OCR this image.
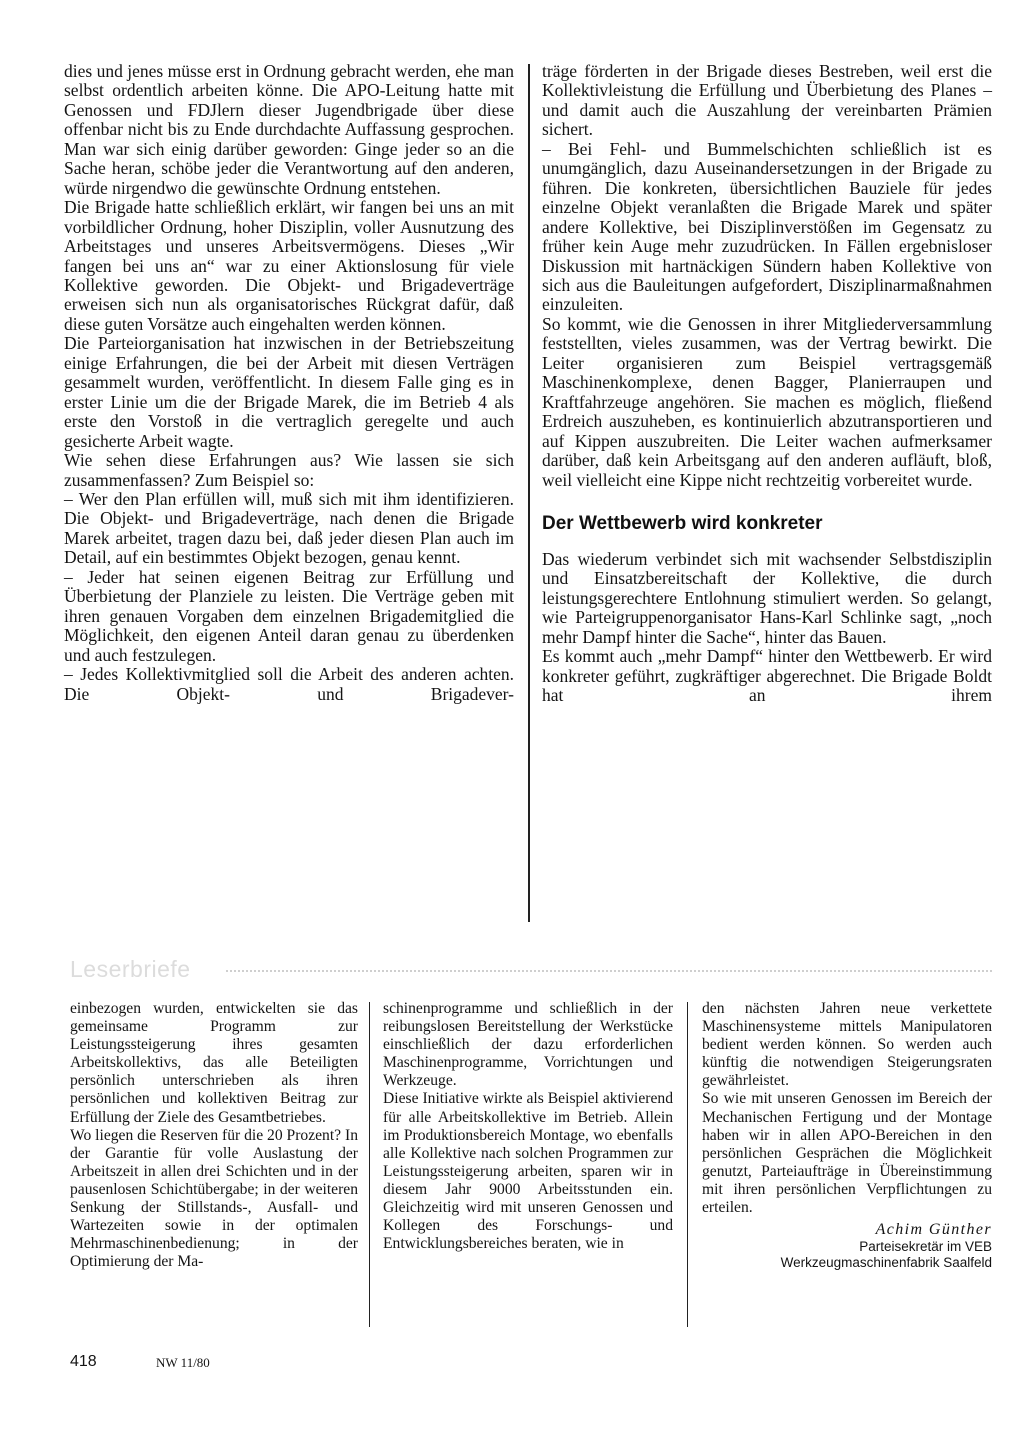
dies und jenes müsse erst in Ordnung gebracht werden, ehe man selbst ordentlich arbeiten könne. Die APO-Leitung hatte mit Genossen und FDJlern dieser Jugendbrigade über diese offenbar nicht bis zu Ende durchdachte Auffassung gesprochen. Man war sich einig darüber geworden: Ginge jeder so an die Sache heran, schöbe jeder die Verantwortung auf den anderen, würde nirgendwo die gewünschte Ordnung entstehen.

Die Brigade hatte schließlich erklärt, wir fangen bei uns an mit vorbildlicher Ordnung, hoher Disziplin, voller Ausnutzung des Arbeitstages und unseres Arbeitsvermögens. Dieses „Wir fangen bei uns an“ war zu einer Aktionslosung für viele Kollektive geworden. Die Objekt- und Brigadeverträge erweisen sich nun als organisatorisches Rückgrat dafür, daß diese guten Vorsätze auch eingehalten werden können.

Die Parteiorganisation hat inzwischen in der Betriebszeitung einige Erfahrungen, die bei der Arbeit mit diesen Verträgen gesammelt wurden, veröffentlicht. In diesem Falle ging es in erster Linie um die der Brigade Marek, die im Betrieb 4 als erste den Vorstoß in die vertraglich geregelte und auch gesicherte Arbeit wagte.

Wie sehen diese Erfahrungen aus? Wie lassen sie sich zusammenfassen? Zum Beispiel so:

– Wer den Plan erfüllen will, muß sich mit ihm identifizieren. Die Objekt- und Brigadeverträge, nach denen die Brigade Marek arbeitet, tragen dazu bei, daß jeder diesen Plan auch im Detail, auf ein bestimmtes Objekt bezogen, genau kennt.

– Jeder hat seinen eigenen Beitrag zur Erfüllung und Überbietung der Planziele zu leisten. Die Verträge geben mit ihren genauen Vorgaben dem einzelnen Brigademitglied die Möglichkeit, den eigenen Anteil daran genau zu überdenken und auch festzulegen.

– Jedes Kollektivmitglied soll die Arbeit des anderen achten. Die Objekt- und Brigadever-

träge förderten in der Brigade dieses Bestreben, weil erst die Kollektivleistung die Erfüllung und Überbietung des Planes – und damit auch die Auszahlung der vereinbarten Prämien sichert.

– Bei Fehl- und Bummelschichten schließlich ist es unumgänglich, dazu Auseinandersetzungen in der Brigade zu führen. Die konkreten, übersichtlichen Bauziele für jedes einzelne Objekt veranlaßten die Brigade Marek und später andere Kollektive, bei Disziplinverstößen im Gegensatz zu früher kein Auge mehr zuzudrücken. In Fällen ergebnisloser Diskussion mit hartnäckigen Sündern haben Kollektive von sich aus die Bauleitungen aufgefordert, Disziplinarmaßnahmen einzuleiten.

So kommt, wie die Genossen in ihrer Mitgliederversammlung feststellten, vieles zusammen, was der Vertrag bewirkt. Die Leiter organisieren zum Beispiel vertragsgemäß Maschinenkomplexe, denen Bagger, Planierraupen und Kraftfahrzeuge angehören. Sie machen es möglich, fließend Erdreich auszuheben, es kontinuierlich abzutransportieren und auf Kippen auszubreiten. Die Leiter wachen aufmerksamer darüber, daß kein Arbeitsgang auf den anderen aufläuft, bloß, weil vielleicht eine Kippe nicht rechtzeitig vorbereitet wurde.

Der Wettbewerb wird konkreter

Das wiederum verbindet sich mit wachsender Selbstdisziplin und Einsatzbereitschaft der Kollektive, die durch leistungsgerechtere Entlohnung stimuliert werden. So gelangt, wie Parteigruppenorganisator Hans-Karl Schlinke sagt, „noch mehr Dampf hinter die Sache“, hinter das Bauen.

Es kommt auch „mehr Dampf“ hinter den Wettbewerb. Er wird konkreter geführt, zugkräftiger abgerechnet. Die Brigade Boldt hat an ihrem

Leserbriefe

einbezogen wurden, entwickelten sie das gemeinsame Programm zur Leistungssteigerung ihres gesamten Arbeitskollektivs, das alle Beteiligten persönlich unterschrieben als ihren persönlichen und kollektiven Beitrag zur Erfüllung der Ziele des Gesamtbetriebes.

Wo liegen die Reserven für die 20 Prozent? In der Garantie für volle Auslastung der Arbeitszeit in allen drei Schichten und in der pausenlosen Schichtübergabe; in der weiteren Senkung der Stillstands-, Ausfall- und Wartezeiten sowie in der optimalen Mehrmaschinenbedienung; in der Optimierung der Ma-

schinenprogramme und schließlich in der reibungslosen Bereitstellung der Werkstücke einschließlich der dazu erforderlichen Maschinenprogramme, Vorrichtungen und Werkzeuge.

Diese Initiative wirkte als Beispiel aktivierend für alle Arbeitskollektive im Betrieb. Allein im Produktionsbereich Montage, wo ebenfalls alle Kollektive nach solchen Programmen zur Leistungssteigerung arbeiten, sparen wir in diesem Jahr 9000 Arbeitsstunden ein. Gleichzeitig wird mit unseren Genossen und Kollegen des Forschungs- und Entwicklungsbereiches beraten, wie in

den nächsten Jahren neue verkettete Maschinensysteme mittels Manipulatoren bedient werden können. So werden auch künftig die notwendigen Steigerungsraten gewährleistet.

So wie mit unseren Genossen im Bereich der Mechanischen Fertigung und der Montage haben wir in allen APO-Bereichen in den persönlichen Gesprächen die Möglichkeit genutzt, Parteiaufträge in Übereinstimmung mit ihren persönlichen Verpflichtungen zu erteilen.

Achim Günther
Parteisekretär im VEB
Werkzeugmaschinenfabrik Saalfeld
418	NW 11/80
